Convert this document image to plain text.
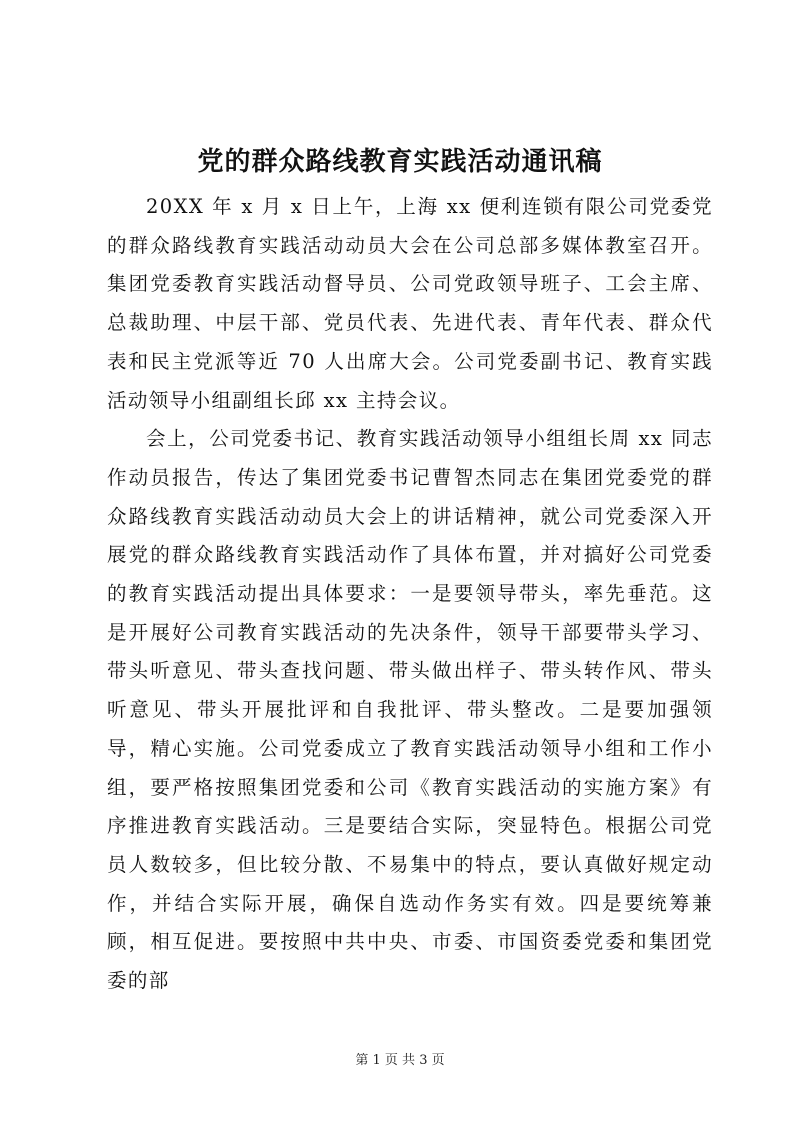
党的群众路线教育实践活动通讯稿

20XX 年 x 月 x 日上午，上海 xx 便利连锁有限公司党委党的群众路线教育实践活动动员大会在公司总部多媒体教室召开。集团党委教育实践活动督导员、公司党政领导班子、工会主席、总裁助理、中层干部、党员代表、先进代表、青年代表、群众代表和民主党派等近 70 人出席大会。公司党委副书记、教育实践活动领导小组副组长邱 xx 主持会议。

会上，公司党委书记、教育实践活动领导小组组长周 xx 同志作动员报告，传达了集团党委书记曹智杰同志在集团党委党的群众路线教育实践活动动员大会上的讲话精神，就公司党委深入开展党的群众路线教育实践活动作了具体布置，并对搞好公司党委的教育实践活动提出具体要求：一是要领导带头，率先垂范。这是开展好公司教育实践活动的先决条件，领导干部要带头学习、带头听意见、带头查找问题、带头做出样子、带头转作风、带头听意见、带头开展批评和自我批评、带头整改。二是要加强领导，精心实施。公司党委成立了教育实践活动领导小组和工作小组，要严格按照集团党委和公司《教育实践活动的实施方案》有序推进教育实践活动。三是要结合实际，突显特色。根据公司党员人数较多，但比较分散、不易集中的特点，要认真做好规定动作，并结合实际开展，确保自选动作务实有效。四是要统筹兼顾，相互促进。要按照中共中央、市委、市国资委党委和集团党委的部

第 1 页 共 3 页
